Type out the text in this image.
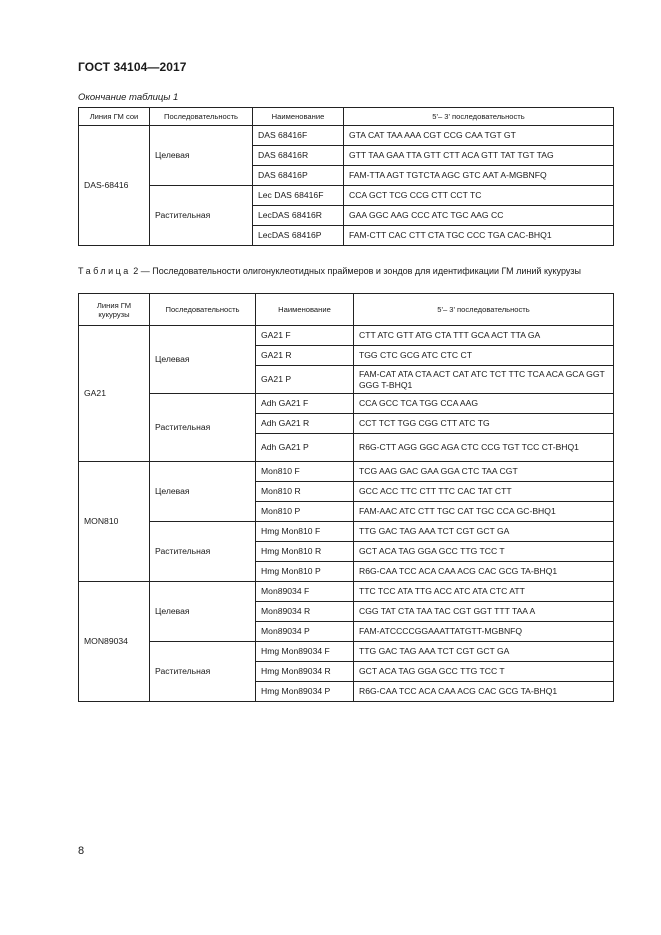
ГОСТ 34104—2017
Окончание таблицы 1
Линия ГМ сои	Последовательность	Наименование	5'– 3' последовательность
DAS-68416	Целевая	DAS 68416F	GTA CAT TAA AAA CGT CCG CAA TGT GT
		DAS 68416R	GTT TAA GAA TTA GTT CTT ACA GTT TAT TGT TAG
		DAS 68416P	FAM-TTA AGT TGTCTA AGC GTC AAT A-MGBNFQ
	Растительная	Lec DAS 68416F	CCA GCT TCG CCG CTT CCT TC
		LecDAS 68416R	GAA GGC AAG CCC ATC TGC AAG CC
		LecDAS 68416P	FAM-CTT CAC CTT CTA TGC CCC TGA CAC-BHQ1
Таблица 2 — Последовательности олигонуклеотидных праймеров и зондов для идентификации ГМ линий кукурузы
Линия ГМ кукурузы	Последовательность	Наименование	5'– 3' последовательность
GA21	Целевая	GA21 F	CTT ATC GTT ATG CTA TTT GCA ACT TTA GA
		GA21 R	TGG CTC GCG ATC CTC CT
		GA21 P	FAM-CAT ATA CTA ACT CAT ATC TCT TTC TCA ACA GCA GGT GGG T-BHQ1
	Растительная	Adh GA21 F	CCA GCC TCA TGG CCA AAG
		Adh GA21 R	CCT TCT TGG CGG CTT ATC TG
		Adh GA21 P	R6G-CTT AGG GGC AGA CTC CCG TGT TCC CT-BHQ1
MON810	Целевая	Mon810 F	TCG AAG GAC GAA GGA CTC TAA CGT
		Mon810 R	GCC ACC TTC CTT TTC CAC TAT CTT
		Mon810 P	FAM-AAC ATC CTT TGC CAT TGC CCA GC-BHQ1
	Растительная	Hmg Mon810 F	TTG GAC TAG AAA TCT CGT GCT GA
		Hmg Mon810 R	GCT ACA TAG GGA GCC TTG TCC T
		Hmg Mon810 P	R6G-CAA TCC ACA CAA ACG CAC GCG TA-BHQ1
MON89034	Целевая	Mon89034 F	TTC TCC ATA TTG ACC ATC ATA CTC ATT
		Mon89034 R	CGG TAT CTA TAA TAC CGT GGT TTT TAA A
		Mon89034 P	FAM-ATCCCCGGAAATTATGTT-MGBNFQ
	Растительная	Hmg Mon89034 F	TTG GAC TAG AAA TCT CGT GCT GA
		Hmg Mon89034 R	GCT ACA TAG GGA GCC TTG TCC T
		Hmg Mon89034 P	R6G-CAA TCC ACA CAA ACG CAC GCG TA-BHQ1
8
